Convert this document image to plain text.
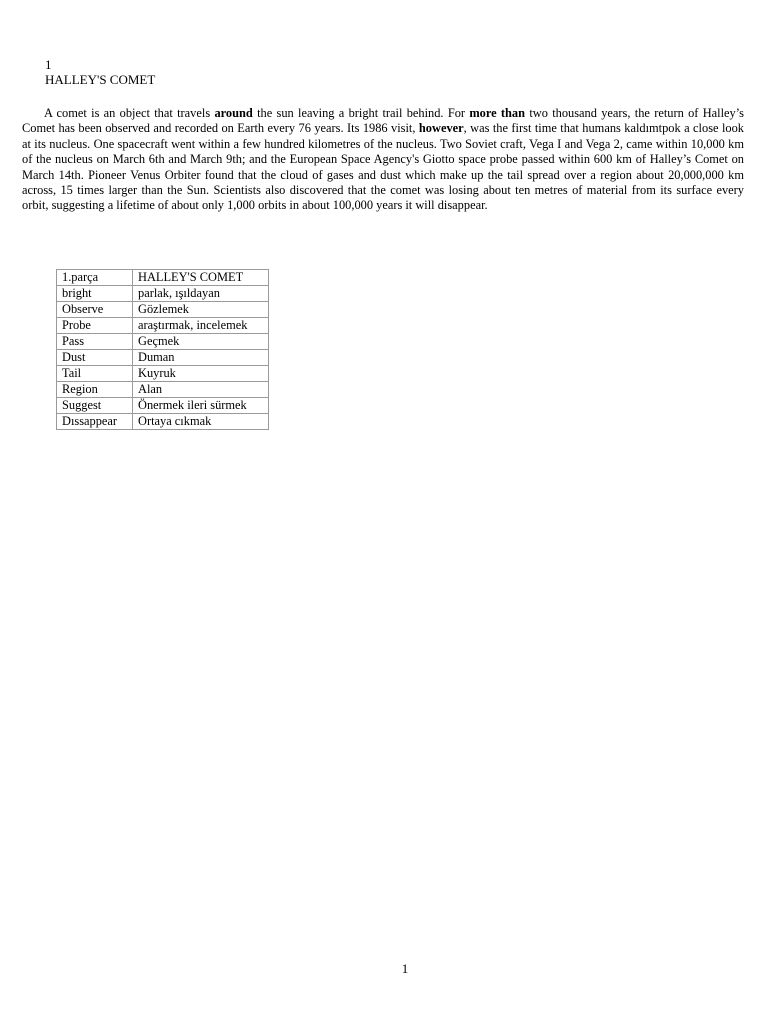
1
HALLEY'S COMET

A comet is an object that travels around the sun leaving a bright trail behind. For more than two thousand years, the return of Halley’s Comet has been observed and recorded on Earth every 76 years. Its 1986 visit, however, was the first time that humans kaldımtpok a close look at its nucleus. One spacecraft went within a few hundred kilometres of the nucleus. Two Soviet craft, Vega I and Vega 2, came within 10,000 km of the nucleus on March 6th and March 9th; and the European Space Agency's Giotto space probe passed within 600 km of Halley’s Comet on March 14th. Pioneer Venus Orbiter found that the cloud of gases and dust which make up the tail spread over a region about 20,000,000 km across, 15 times larger than the Sun. Scientists also discovered that the comet was losing about ten metres of material from its surface every orbit, suggesting a lifetime of about only 1,000 orbits in about 100,000 years it will disappear.

1.parça	HALLEY'S COMET
bright	parlak, ışıldayan
Observe	Gözlemek
Probe	araştırmak, incelemek
Pass	Geçmek
Dust	Duman
Tail	Kuyruk
Region	Alan
Suggest	Önermek ileri sürmek
Dıssappear	Ortaya cıkmak
1
